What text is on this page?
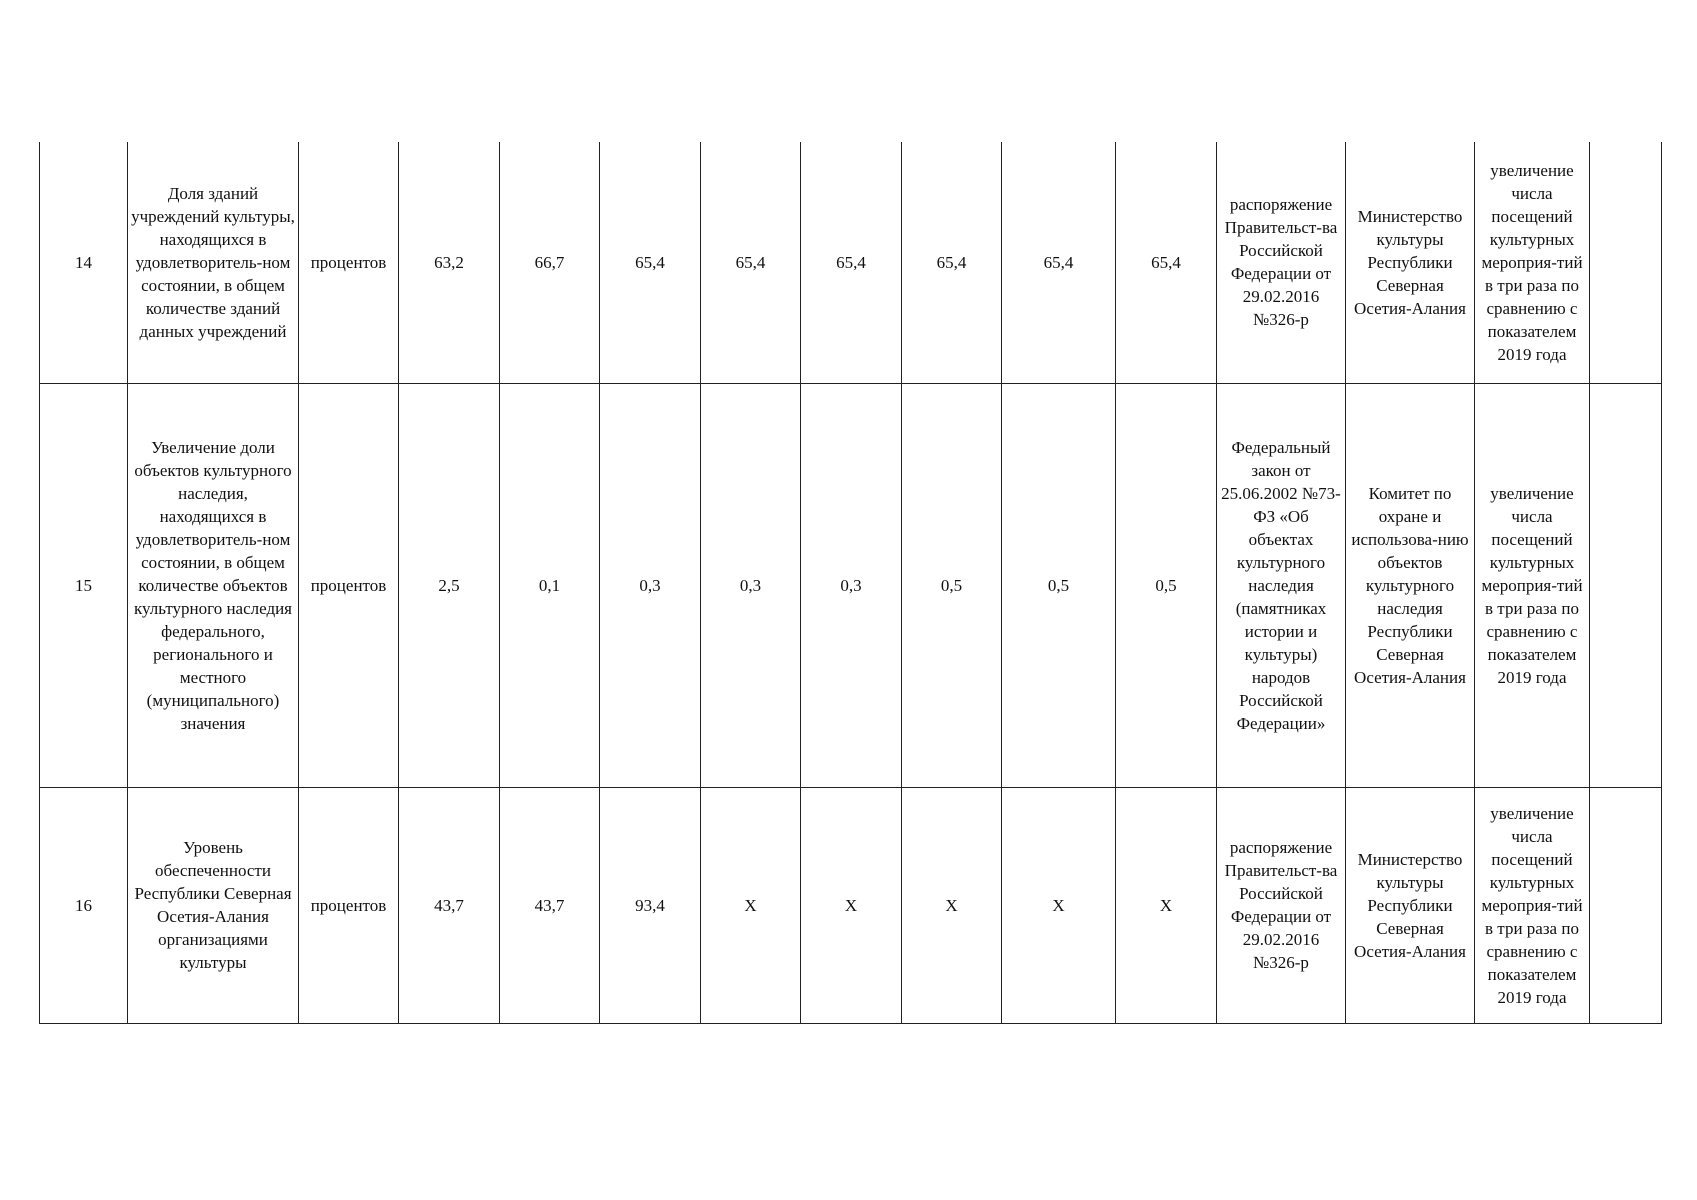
14	Доля зданий учреждений культуры, находящихся в удовлетворитель-ном состоянии, в общем количестве зданий данных учреждений	процентов	63,2	66,7	65,4	65,4	65,4	65,4	65,4	65,4	распоряжение Правительст-ва Российской Федерации от 29.02.2016 №326-р	Министерство культуры Республики Северная Осетия-Алания	увеличение числа посещений культурных мероприя-тий в три раза по сравнению с показателем 2019 года	
15	Увеличение доли объектов культурного наследия, находящихся в удовлетворитель-ном состоянии, в общем количестве объектов культурного наследия федерального, регионального и местного (муниципального) значения	процентов	2,5	0,1	0,3	0,3	0,3	0,5	0,5	0,5	Федеральный закон от 25.06.2002 №73-ФЗ «Об объектах культурного наследия (памятниках истории и культуры) народов Российской Федерации»	Комитет по охране и использова-нию объектов культурного наследия Республики Северная Осетия-Алания	увеличение числа посещений культурных мероприя-тий в три раза по сравнению с показателем 2019 года	
16	Уровень обеспеченности Республики Северная Осетия-Алания организациями культуры	процентов	43,7	43,7	93,4	Х	Х	Х	Х	Х	распоряжение Правительст-ва Российской Федерации от 29.02.2016 №326-р	Министерство культуры Республики Северная Осетия-Алания	увеличение числа посещений культурных мероприя-тий в три раза по сравнению с показателем 2019 года	
